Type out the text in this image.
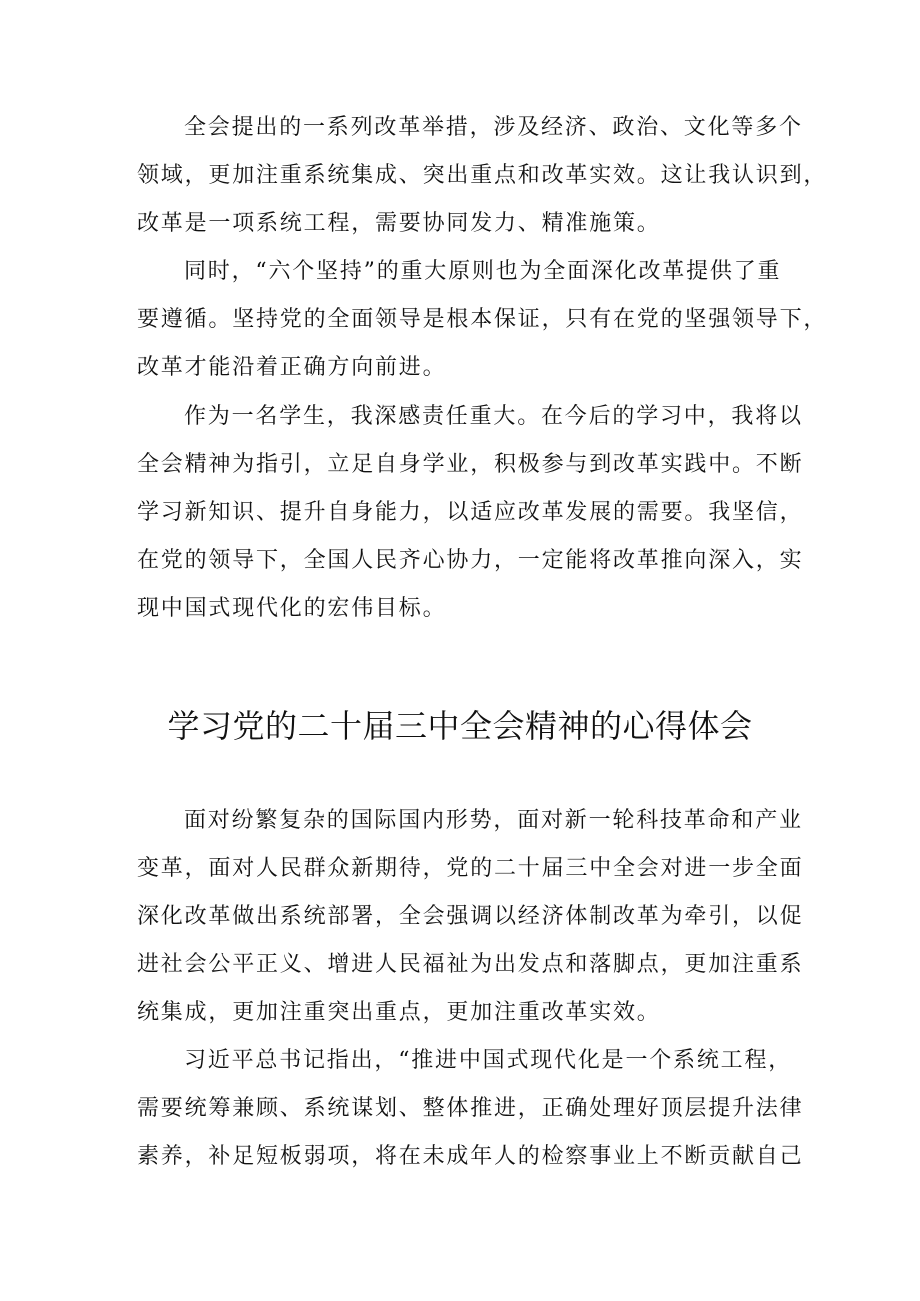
全会提出的一系列改革举措，涉及经济、政治、文化等多个
领域，更加注重系统集成、突出重点和改革实效。这让我认识到，
改革是一项系统工程，需要协同发力、精准施策。
同时，“六个坚持”的重大原则也为全面深化改革提供了重
要遵循。坚持党的全面领导是根本保证，只有在党的坚强领导下，
改革才能沿着正确方向前进。
作为一名学生，我深感责任重大。在今后的学习中，我将以
全会精神为指引，立足自身学业，积极参与到改革实践中。不断
学习新知识、提升自身能力，以适应改革发展的需要。我坚信，
在党的领导下，全国人民齐心协力，一定能将改革推向深入，实
现中国式现代化的宏伟目标。
学习党的二十届三中全会精神的心得体会
面对纷繁复杂的国际国内形势，面对新一轮科技革命和产业
变革，面对人民群众新期待，党的二十届三中全会对进一步全面
深化改革做出系统部署，全会强调以经济体制改革为牵引，以促
进社会公平正义、增进人民福祉为出发点和落脚点，更加注重系
统集成，更加注重突出重点，更加注重改革实效。
习近平总书记指出，“推进中国式现代化是一个系统工程，
需要统筹兼顾、系统谋划、整体推进，正确处理好顶层提升法律
素养，补足短板弱项，将在未成年人的检察事业上不断贡献自己
